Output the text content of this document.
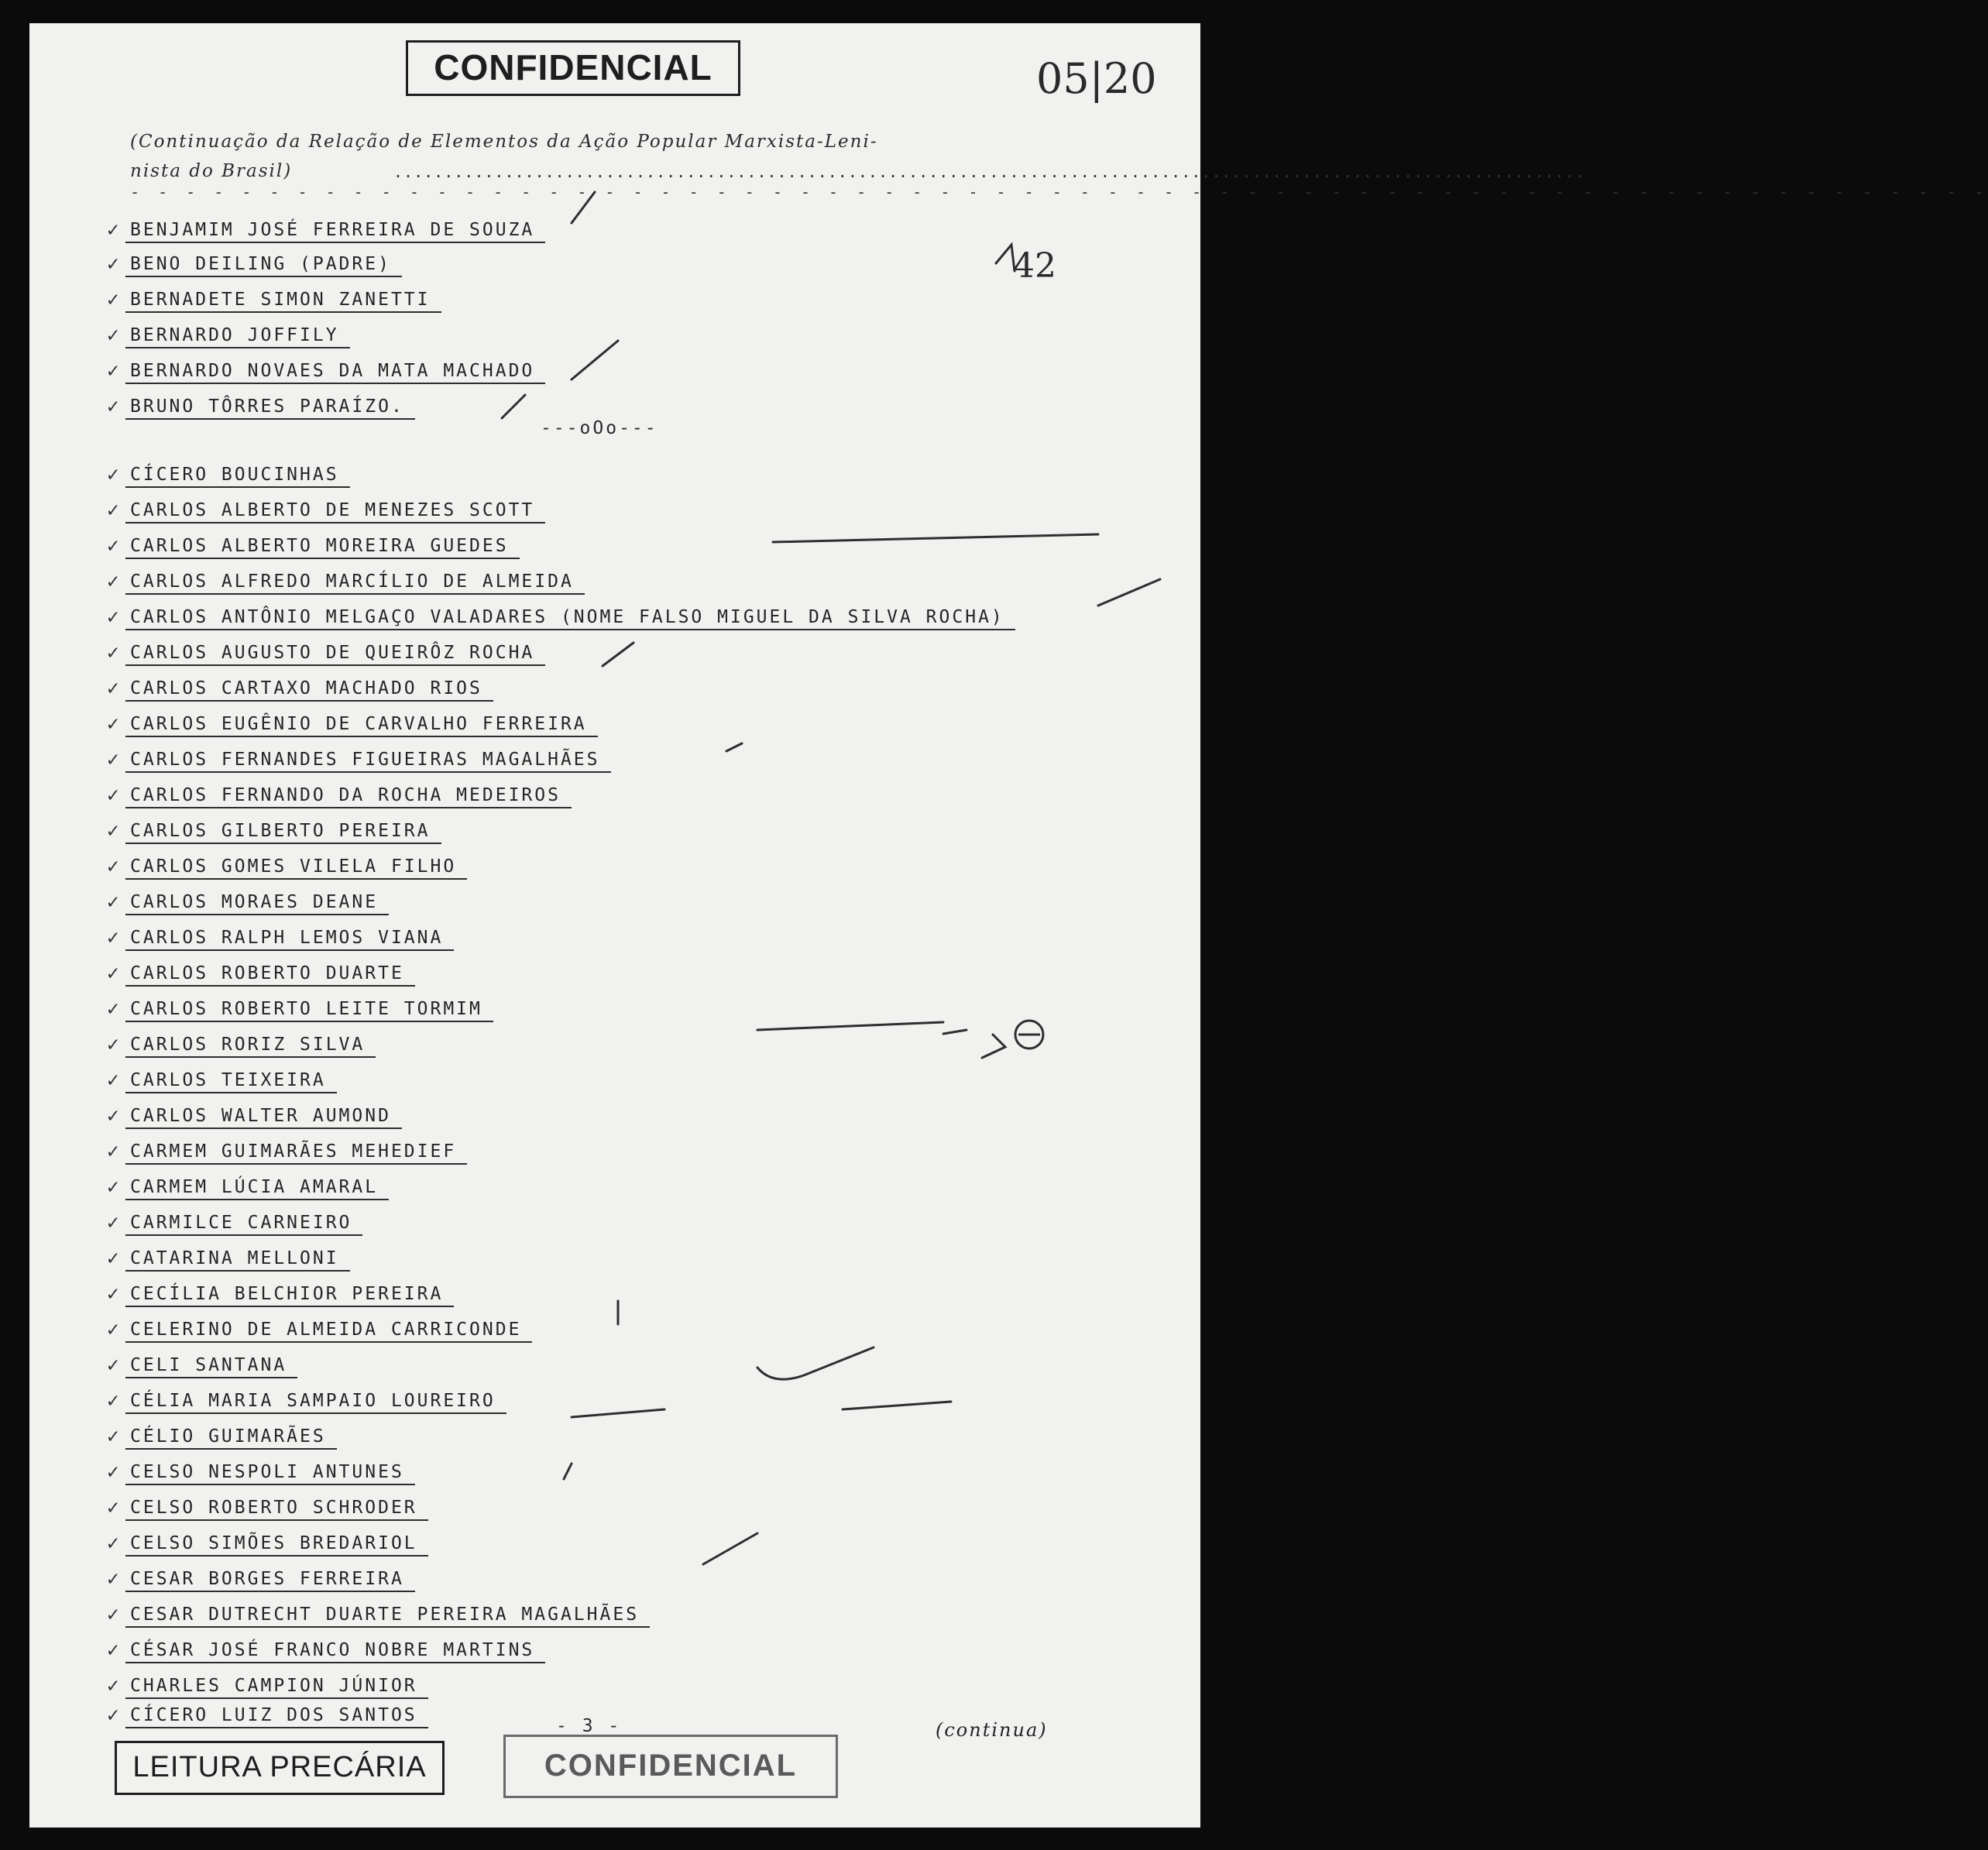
CONFIDENCIAL	05|20
42
(Continuação da Relação de Elementos da Ação Popular Marxista-Leni-
nista do Brasil)	......................................................................................................................
- - - - - - - - - - - - - - - - - - - - - - - - - - - - - - - - - - - - - - - - - - - - - - - - - - - - - - - - - - - - - - - - - - -
✓ BENJAMIM JOSÉ FERREIRA DE SOUZA
✓ BENO DEILING (PADRE)
✓ BERNADETE SIMON ZANETTI
✓ BERNARDO JOFFILY
✓ BERNARDO NOVAES DA MATA MACHADO
✓ BRUNO TÔRRES PARAÍZO.
---oOo---
✓ CÍCERO BOUCINHAS
✓ CARLOS ALBERTO DE MENEZES SCOTT
✓ CARLOS ALBERTO MOREIRA GUEDES
✓ CARLOS ALFREDO MARCÍLIO DE ALMEIDA
✓ CARLOS ANTÔNIO MELGAÇO VALADARES (NOME FALSO MIGUEL DA SILVA ROCHA)
✓ CARLOS AUGUSTO DE QUEIRÔZ ROCHA
✓ CARLOS CARTAXO MACHADO RIOS
✓ CARLOS EUGÊNIO DE CARVALHO FERREIRA
✓ CARLOS FERNANDES FIGUEIRAS MAGALHÃES
✓ CARLOS FERNANDO DA ROCHA MEDEIROS
✓ CARLOS GILBERTO PEREIRA
✓ CARLOS GOMES VILELA FILHO
✓ CARLOS MORAES DEANE
✓ CARLOS RALPH LEMOS VIANA
✓ CARLOS ROBERTO DUARTE
✓ CARLOS ROBERTO LEITE TORMIM
✓ CARLOS RORIZ SILVA
✓ CARLOS TEIXEIRA
✓ CARLOS WALTER AUMOND
✓ CARMEM GUIMARÃES MEHEDIEF
✓ CARMEM LÚCIA AMARAL
✓ CARMILCE CARNEIRO
✓ CATARINA MELLONI
✓ CECÍLIA BELCHIOR PEREIRA
✓ CELERINO DE ALMEIDA CARRICONDE
✓ CELI SANTANA
✓ CÉLIA MARIA SAMPAIO LOUREIRO
✓ CÉLIO GUIMARÃES
✓ CELSO NESPOLI ANTUNES
✓ CELSO ROBERTO SCHRODER
✓ CELSO SIMÕES BREDARIOL
✓ CESAR BORGES FERREIRA
✓ CESAR DUTRECHT DUARTE PEREIRA MAGALHÃES
✓ CÉSAR JOSÉ FRANCO NOBRE MARTINS
✓ CHARLES CAMPION JÚNIOR
✓ CÍCERO LUIZ DOS SANTOS
- 3 -	(continua)
LEITURA PRECÁRIA	CONFIDENCIAL
